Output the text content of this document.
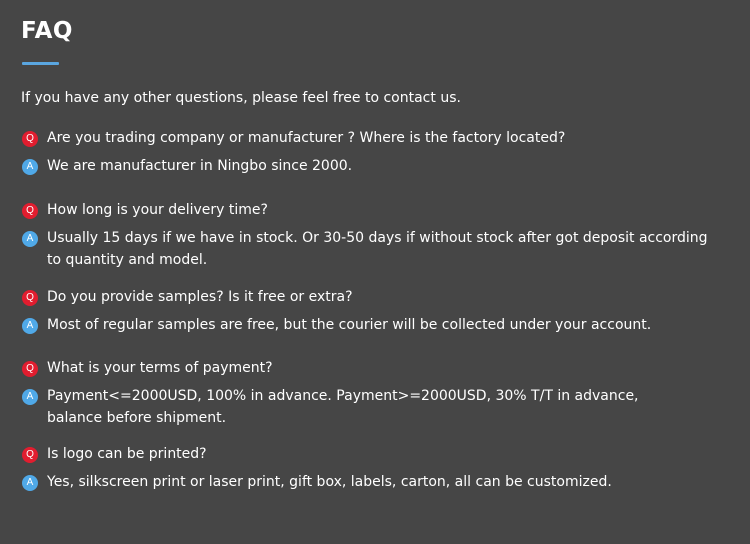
FAQ

If you have any other questions, please feel free to contact us.

Q Are you trading company or manufacturer ? Where is the factory located?

A We are manufacturer in Ningbo since 2000.

Q How long is your delivery time?

A Usually 15 days if we have in stock. Or 30-50 days if without stock after got deposit according to quantity and model.

Q Do you provide samples? Is it free or extra?

A Most of regular samples are free, but the courier will be collected under your account.

Q What is your terms of payment?

A Payment<=2000USD, 100% in advance. Payment>=2000USD, 30% T/T in advance, balance before shipment.

Q Is logo can be printed?

A Yes, silkscreen print or laser print, gift box, labels, carton, all can be customized.
